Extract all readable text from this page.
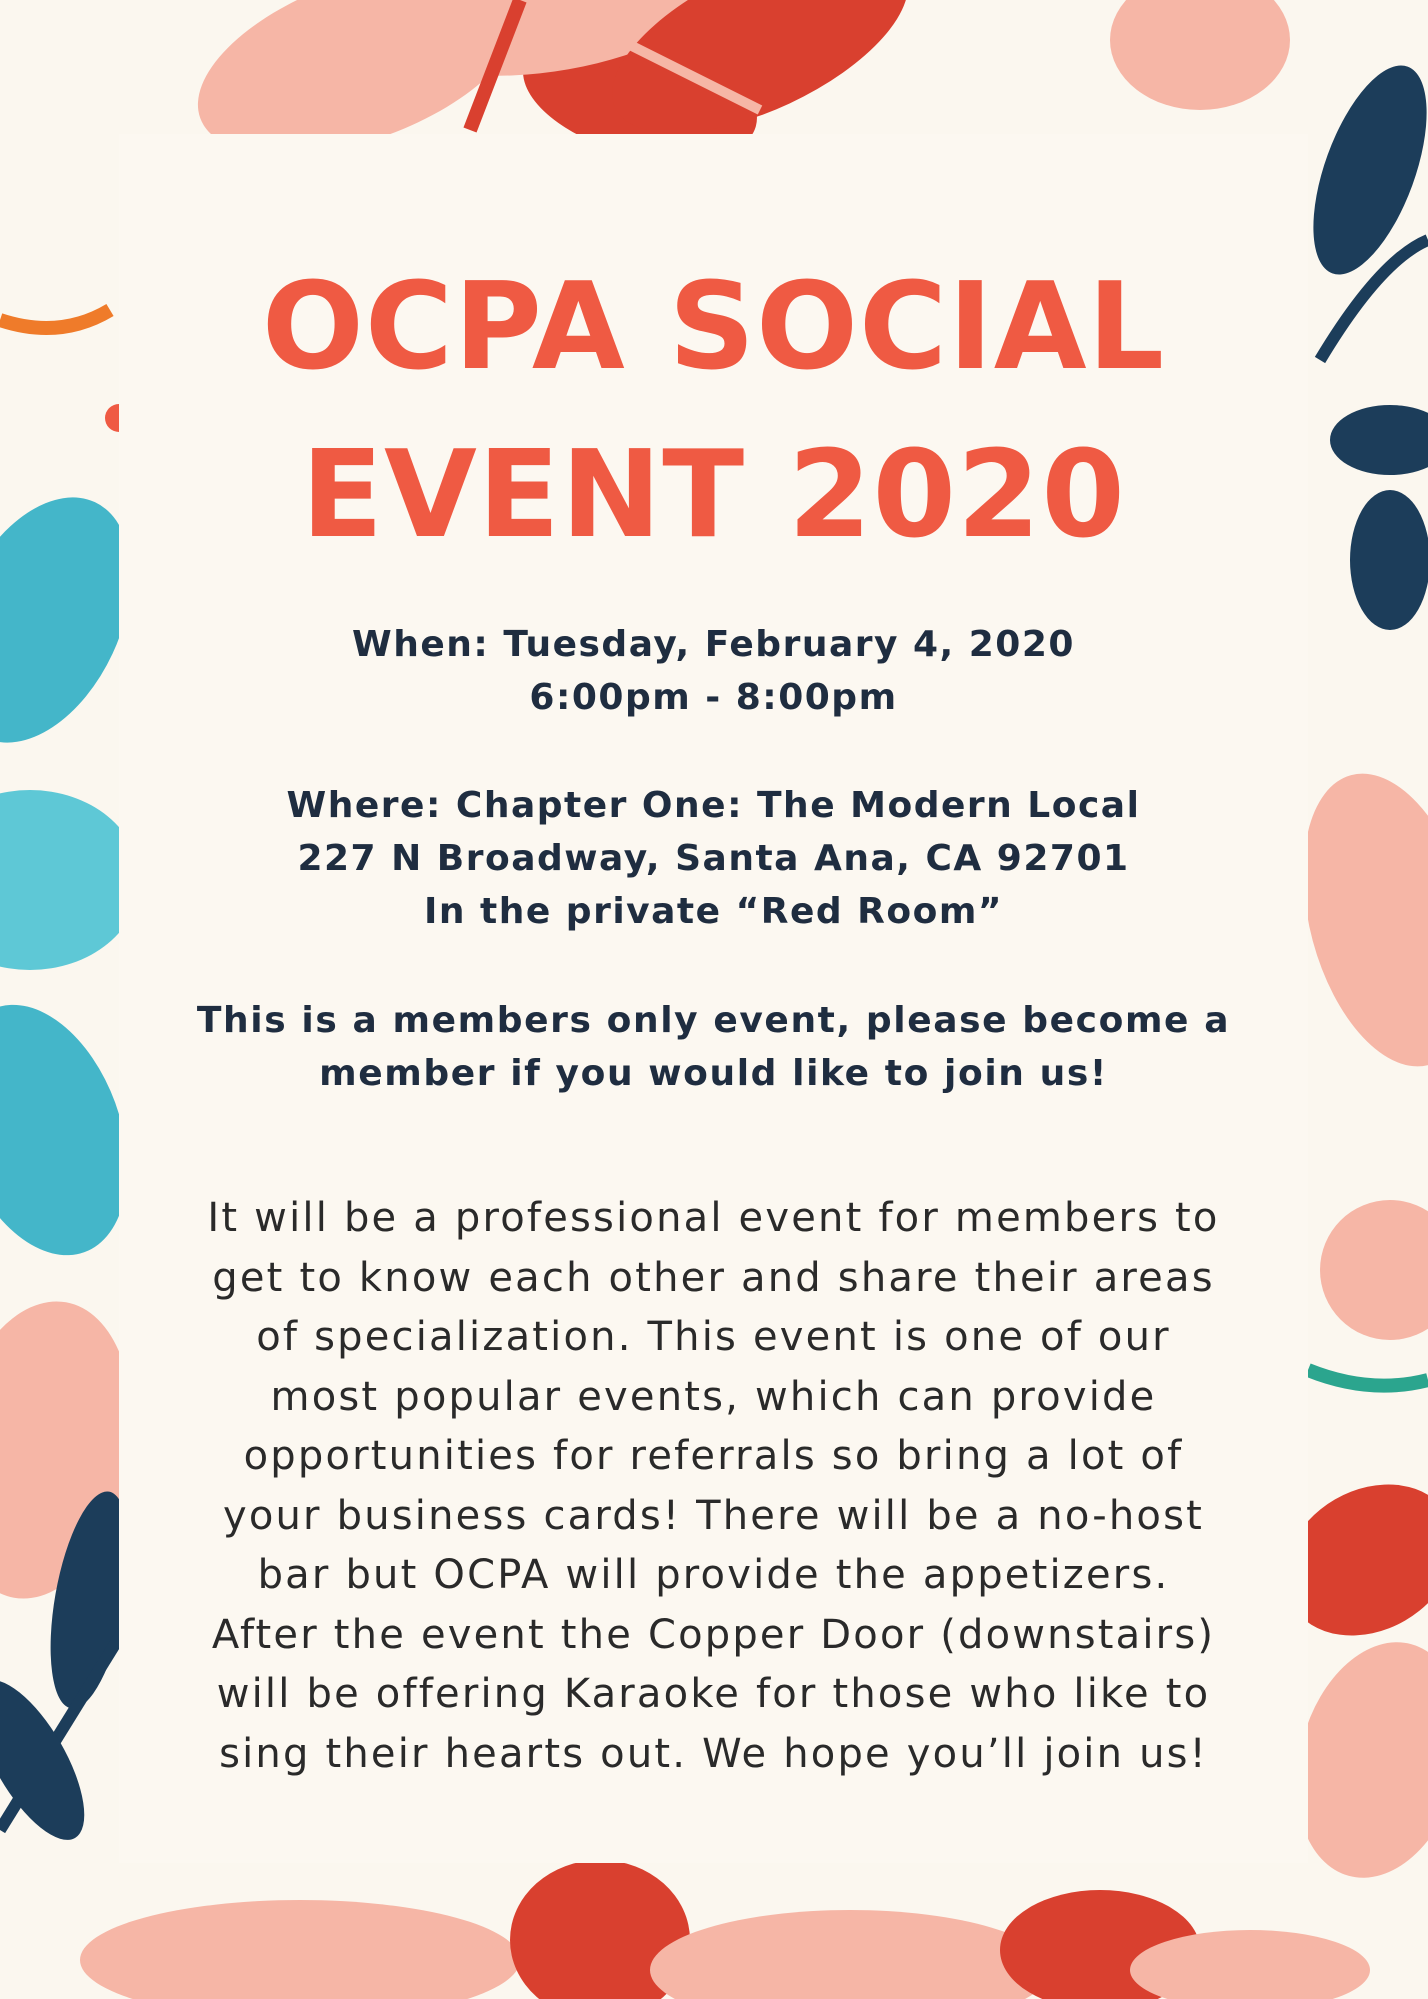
OCPA SOCIAL
EVENT 2020
When: Tuesday, February 4, 2020
6:00pm - 8:00pm
Where: Chapter One: The Modern Local
227 N Broadway, Santa Ana, CA 92701
In the private “Red Room”
This is a members only event, please become a
member if you would like to join us!
It will be a professional event for members to
get to know each other and share their areas
of specialization. This event is one of our
most popular events, which can provide
opportunities for referrals so bring a lot of
your business cards! There will be a no-host
bar but OCPA will provide the appetizers.
After the event the Copper Door (downstairs)
will be offering Karaoke for those who like to
sing their hearts out. We hope you’ll join us!
